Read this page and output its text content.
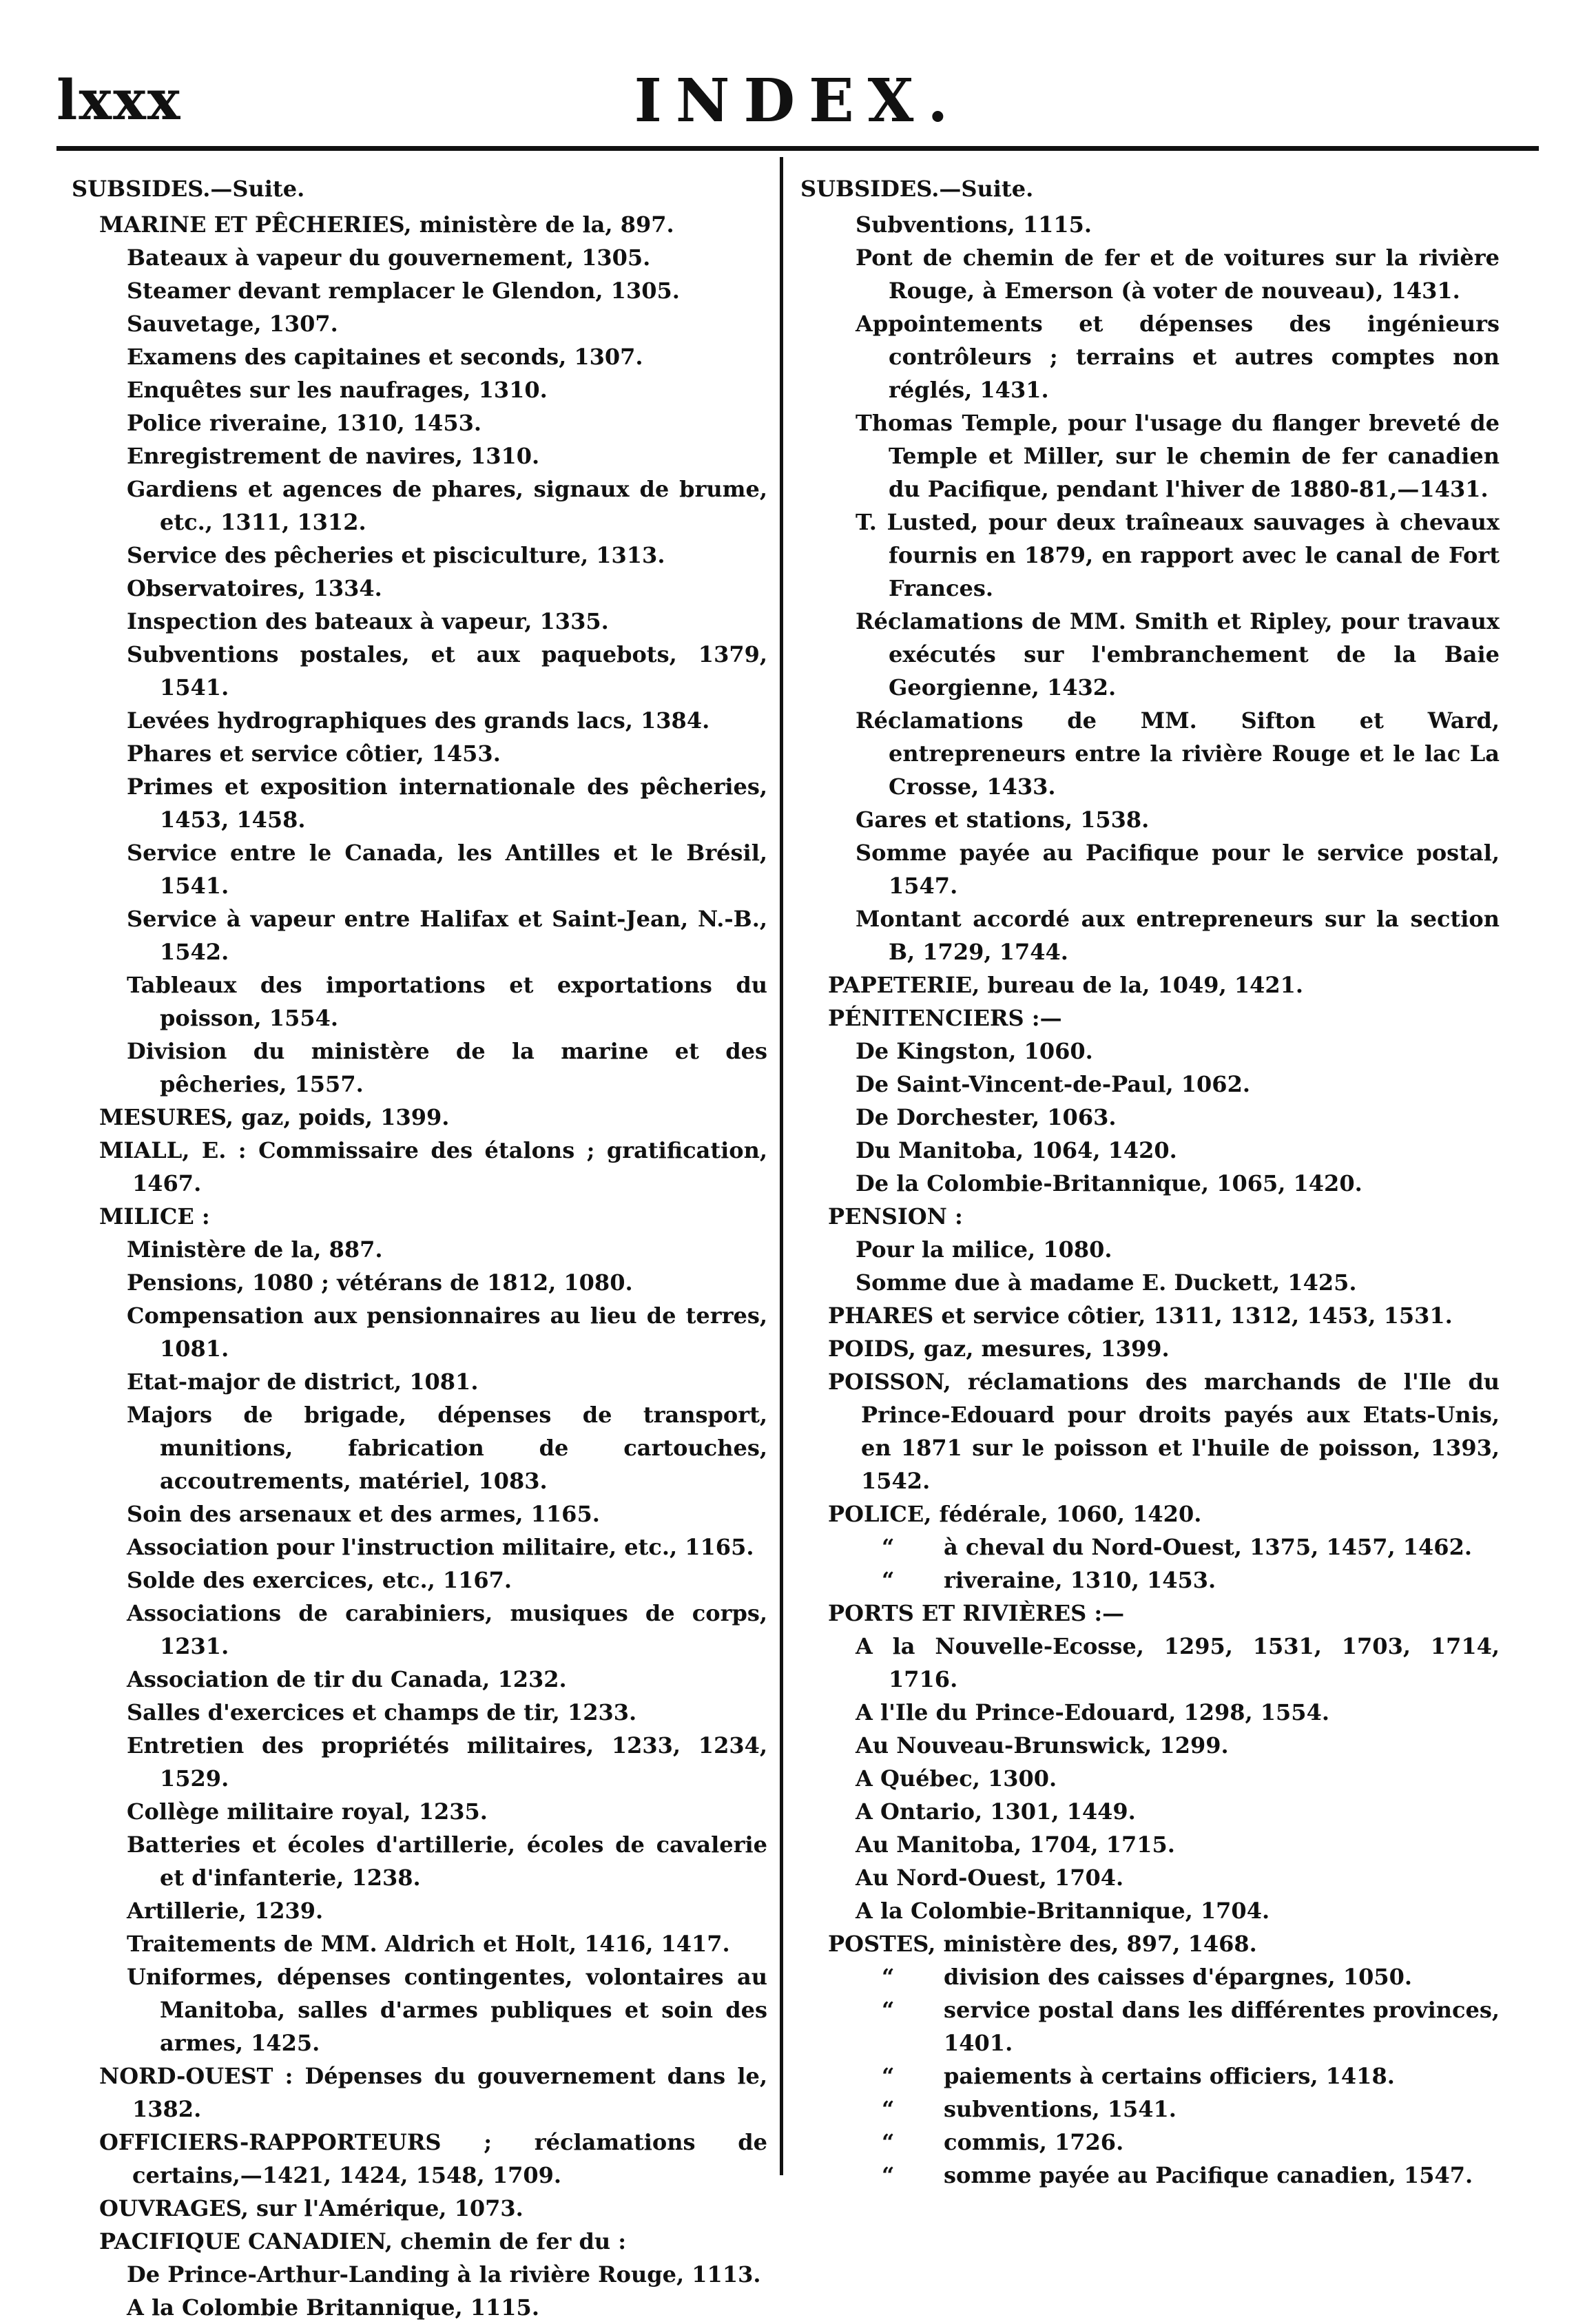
lxxx	INDEX.
SUBSIDES.—Suite.
MARINE ET PÊCHERIES, ministère de la, 897.
Bateaux à vapeur du gouvernement, 1305.
Steamer devant remplacer le Glendon, 1305.
Sauvetage, 1307.
Examens des capitaines et seconds, 1307.
Enquêtes sur les naufrages, 1310.
Police riveraine, 1310, 1453.
Enregistrement de navires, 1310.
Gardiens et agences de phares, signaux de brume, etc., 1311, 1312.
Service des pêcheries et pisciculture, 1313.
Observatoires, 1334.
Inspection des bateaux à vapeur, 1335.
Subventions postales, et aux paquebots, 1379, 1541.
Levées hydrographiques des grands lacs, 1384.
Phares et service côtier, 1453.
Primes et exposition internationale des pêcheries, 1453, 1458.
Service entre le Canada, les Antilles et le Brésil, 1541.
Service à vapeur entre Halifax et Saint-Jean, N.-B., 1542.
Tableaux des importations et exportations du poisson, 1554.
Division du ministère de la marine et des pêcheries, 1557.
MESURES, gaz, poids, 1399.
MIALL, E. : Commissaire des étalons ; gratification, 1467.
MILICE :
Ministère de la, 887.
Pensions, 1080 ; vétérans de 1812, 1080.
Compensation aux pensionnaires au lieu de terres, 1081.
Etat-major de district, 1081.
Majors de brigade, dépenses de transport, munitions, fabrication de cartouches, accoutrements, matériel, 1083.
Soin des arsenaux et des armes, 1165.
Association pour l'instruction militaire, etc., 1165.
Solde des exercices, etc., 1167.
Associations de carabiniers, musiques de corps, 1231.
Association de tir du Canada, 1232.
Salles d'exercices et champs de tir, 1233.
Entretien des propriétés militaires, 1233, 1234, 1529.
Collège militaire royal, 1235.
Batteries et écoles d'artillerie, écoles de cavalerie et d'infanterie, 1238.
Artillerie, 1239.
Traitements de MM. Aldrich et Holt, 1416, 1417.
Uniformes, dépenses contingentes, volontaires au Manitoba, salles d'armes publiques et soin des armes, 1425.
NORD-OUEST : Dépenses du gouvernement dans le, 1382.
OFFICIERS-RAPPORTEURS ; réclamations de certains,—1421, 1424, 1548, 1709.
OUVRAGES, sur l'Amérique, 1073.
PACIFIQUE CANADIEN, chemin de fer du :
De Prince-Arthur-Landing à la rivière Rouge, 1113.
A la Colombie Britannique, 1115.
SUBSIDES.—Suite.
Subventions, 1115.
Pont de chemin de fer et de voitures sur la rivière Rouge, à Emerson (à voter de nouveau), 1431.
Appointements et dépenses des ingénieurs contrôleurs ; terrains et autres comptes non réglés, 1431.
Thomas Temple, pour l'usage du flanger breveté de Temple et Miller, sur le chemin de fer canadien du Pacifique, pendant l'hiver de 1880-81,—1431.
T. Lusted, pour deux traîneaux sauvages à chevaux fournis en 1879, en rapport avec le canal de Fort Frances.
Réclamations de MM. Smith et Ripley, pour travaux exécutés sur l'embranchement de la Baie Georgienne, 1432.
Réclamations de MM. Sifton et Ward, entrepreneurs entre la rivière Rouge et le lac La Crosse, 1433.
Gares et stations, 1538.
Somme payée au Pacifique pour le service postal, 1547.
Montant accordé aux entrepreneurs sur la section B, 1729, 1744.
PAPETERIE, bureau de la, 1049, 1421.
PÉNITENCIERS :—
De Kingston, 1060.
De Saint-Vincent-de-Paul, 1062.
De Dorchester, 1063.
Du Manitoba, 1064, 1420.
De la Colombie-Britannique, 1065, 1420.
PENSION :
Pour la milice, 1080.
Somme due à madame E. Duckett, 1425.
PHARES et service côtier, 1311, 1312, 1453, 1531.
POIDS, gaz, mesures, 1399.
POISSON, réclamations des marchands de l'Ile du Prince-Edouard pour droits payés aux Etats-Unis, en 1871 sur le poisson et l'huile de poisson, 1393, 1542.
POLICE, fédérale, 1060, 1420.
“ à cheval du Nord-Ouest, 1375, 1457, 1462.
“ riveraine, 1310, 1453.
PORTS ET RIVIÈRES :—
A la Nouvelle-Ecosse, 1295, 1531, 1703, 1714, 1716.
A l'Ile du Prince-Edouard, 1298, 1554.
Au Nouveau-Brunswick, 1299.
A Québec, 1300.
A Ontario, 1301, 1449.
Au Manitoba, 1704, 1715.
Au Nord-Ouest, 1704.
A la Colombie-Britannique, 1704.
POSTES, ministère des, 897, 1468.
“ division des caisses d'épargnes, 1050.
“ service postal dans les différentes provinces, 1401.
“ paiements à certains officiers, 1418.
“ subventions, 1541.
“ commis, 1726.
“ somme payée au Pacifique canadien, 1547.
